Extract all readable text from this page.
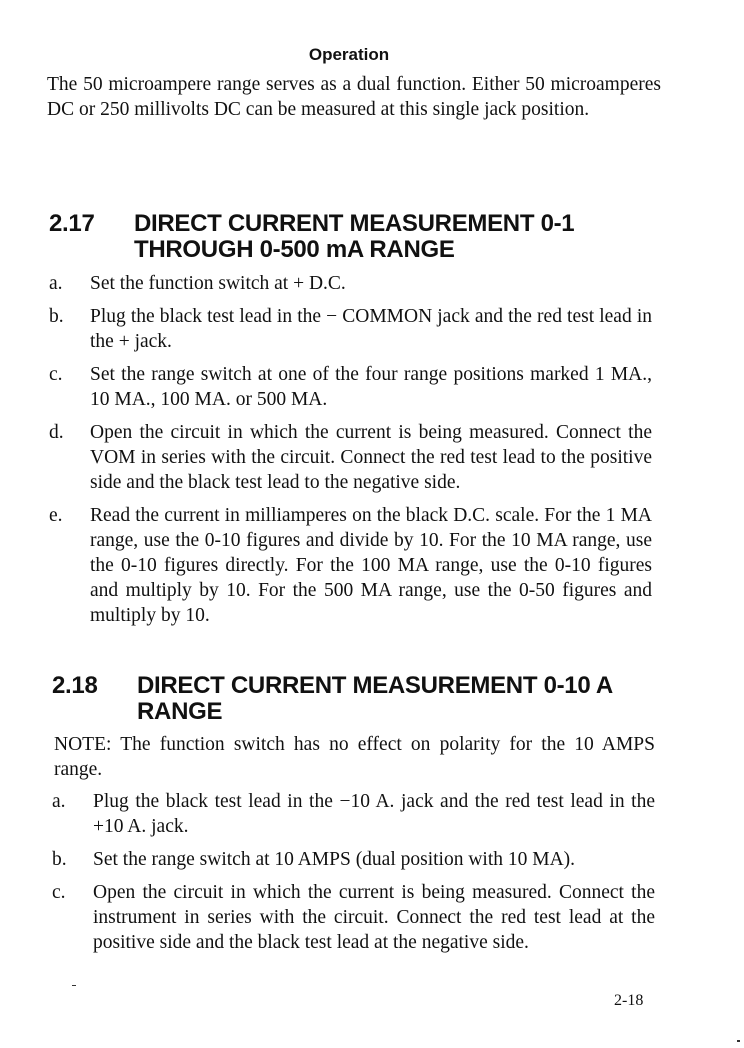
Operation

The 50 microampere range serves as a dual function. Either 50 microamperes DC or 250 millivolts DC can be measured at this single jack position.

2.17 DIRECT CURRENT MEASUREMENT 0-1 THROUGH 0-500 mA RANGE
a. Set the function switch at + D.C.
b. Plug the black test lead in the − COMMON jack and the red test lead in the + jack.
c. Set the range switch at one of the four range positions marked 1 MA., 10 MA., 100 MA. or 500 MA.
d. Open the circuit in which the current is being measured. Connect the VOM in series with the circuit. Connect the red test lead to the positive side and the black test lead to the negative side.
e. Read the current in milliamperes on the black D.C. scale. For the 1 MA range, use the 0-10 figures and divide by 10. For the 10 MA range, use the 0-10 figures directly. For the 100 MA range, use the 0-10 figures and multiply by 10. For the 500 MA range, use the 0-50 figures and multiply by 10.
2.18 DIRECT CURRENT MEASUREMENT 0-10 A RANGE

NOTE: The function switch has no effect on polarity for the 10 AMPS range.

a. Plug the black test lead in the −10 A. jack and the red test lead in the +10 A. jack.
b. Set the range switch at 10 AMPS (dual position with 10 MA).
c. Open the circuit in which the current is being measured. Connect the instrument in series with the circuit. Connect the red test lead at the positive side and the black test lead at the negative side.
2-18
